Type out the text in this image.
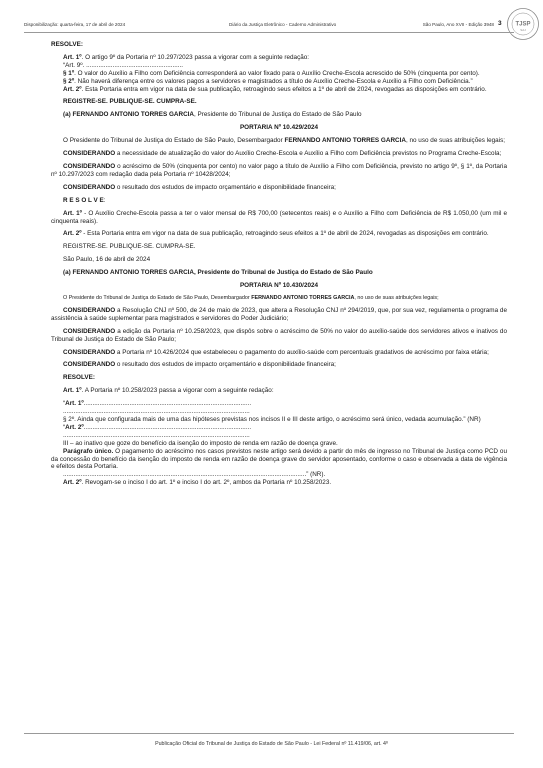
Disponibilização: quarta-feira, 17 de abril de 2024	Diário da Justiça Eletrônico - Caderno Administrativo	São Paulo, Ano XVII - Edição 3948 3 TJSP
SAJ

RESOLVE:

Art. 1º. O artigo 9º da Portaria nº 10.297/2023 passa a vigorar com a seguinte redação:

“Art. 9º. .......................................................

§ 1º. O valor do Auxílio a Filho com Deficiência corresponderá ao valor fixado para o Auxílio Creche-Escola acrescido de 50% (cinquenta por cento).

§ 2º. Não haverá diferença entre os valores pagos a servidores e magistrados a título de Auxílio Creche-Escola e Auxílio a Filho com Deficiência.”

Art. 2º. Esta Portaria entra em vigor na data de sua publicação, retroagindo seus efeitos a 1º de abril de 2024, revogadas as disposições em contrário.

REGISTRE-SE. PUBLIQUE-SE. CUMPRA-SE.

(a) FERNANDO ANTONIO TORRES GARCIA, Presidente do Tribunal de Justiça do Estado de São Paulo

PORTARIA Nº 10.429/2024

O Presidente do Tribunal de Justiça do Estado de São Paulo, Desembargador FERNANDO ANTONIO TORRES GARCIA, no uso de suas atribuições legais;

CONSIDERANDO a necessidade de atualização do valor do Auxílio Creche-Escola e Auxílio a Filho com Deficiência previstos no Programa Creche-Escola;

CONSIDERANDO o acréscimo de 50% (cinquenta por cento) no valor pago a título de Auxílio a Filho com Deficiência, previsto no artigo 9º, § 1º, da Portaria nº 10.297/2023 com redação dada pela Portaria nº 10428/2024;

CONSIDERANDO o resultado dos estudos de impacto orçamentário e disponibilidade financeira;

R E S O L V E:

Art. 1º - O Auxílio Creche-Escola passa a ter o valor mensal de R$ 700,00 (setecentos reais) e o Auxílio a Filho com Deficiência de R$ 1.050,00 (um mil e cinquenta reais).

Art. 2º - Esta Portaria entra em vigor na data de sua publicação, retroagindo seus efeitos a 1º de abril de 2024, revogadas as disposições em contrário.

REGISTRE-SE. PUBLIQUE-SE. CUMPRA-SE.

São Paulo, 16 de abril de 2024

(a) FERNANDO ANTONIO TORRES GARCIA, Presidente do Tribunal de Justiça do Estado de São Paulo

PORTARIA Nº 10.430/2024

O Presidente do Tribunal de Justiça do Estado de São Paulo, Desembargador FERNANDO ANTONIO TORRES GARCIA, no uso de suas atribuições legais;

CONSIDERANDO a Resolução CNJ nº 500, de 24 de maio de 2023, que altera a Resolução CNJ nº 294/2019, que, por sua vez, regulamenta o programa de assistência à saúde suplementar para magistrados e servidores do Poder Judiciário;

CONSIDERANDO a edição da Portaria nº 10.258/2023, que dispôs sobre o acréscimo de 50% no valor do auxílio-saúde dos servidores ativos e inativos do Tribunal de Justiça do Estado de São Paulo;

CONSIDERANDO a Portaria nº 10.426/2024 que estabeleceu o pagamento do auxílio-saúde com percentuais gradativos de acréscimo por faixa etária;

CONSIDERANDO o resultado dos estudos de impacto orçamentário e disponibilidade financeira;

RESOLVE:

Art. 1º. A Portaria nº 10.258/2023 passa a vigorar com a seguinte redação:

“Art. 1º...............................................................................................

..........................................................................................................

§ 2º. Ainda que configurada mais de uma das hipóteses previstas nos incisos II e III deste artigo, o acréscimo será único, vedada acumulação.” (NR)

“Art. 2º...............................................................................................

..........................................................................................................

III – ao inativo que goze do benefício da isenção do imposto de renda em razão de doença grave.

Parágrafo único. O pagamento do acréscimo nos casos previstos neste artigo será devido a partir do mês de ingresso no Tribunal de Justiça como PCD ou da concessão do benefício da isenção do imposto de renda em razão de doença grave do servidor aposentado, conforme o caso e observada a data de vigência e efeitos desta Portaria.

..........................................................................................................................................” (NR).

Art. 2º. Revogam-se o inciso I do art. 1º e inciso I do art. 2º, ambos da Portaria nº 10.258/2023.

Publicação Oficial do Tribunal de Justiça do Estado de São Paulo - Lei Federal nº 11.419/06, art. 4º
